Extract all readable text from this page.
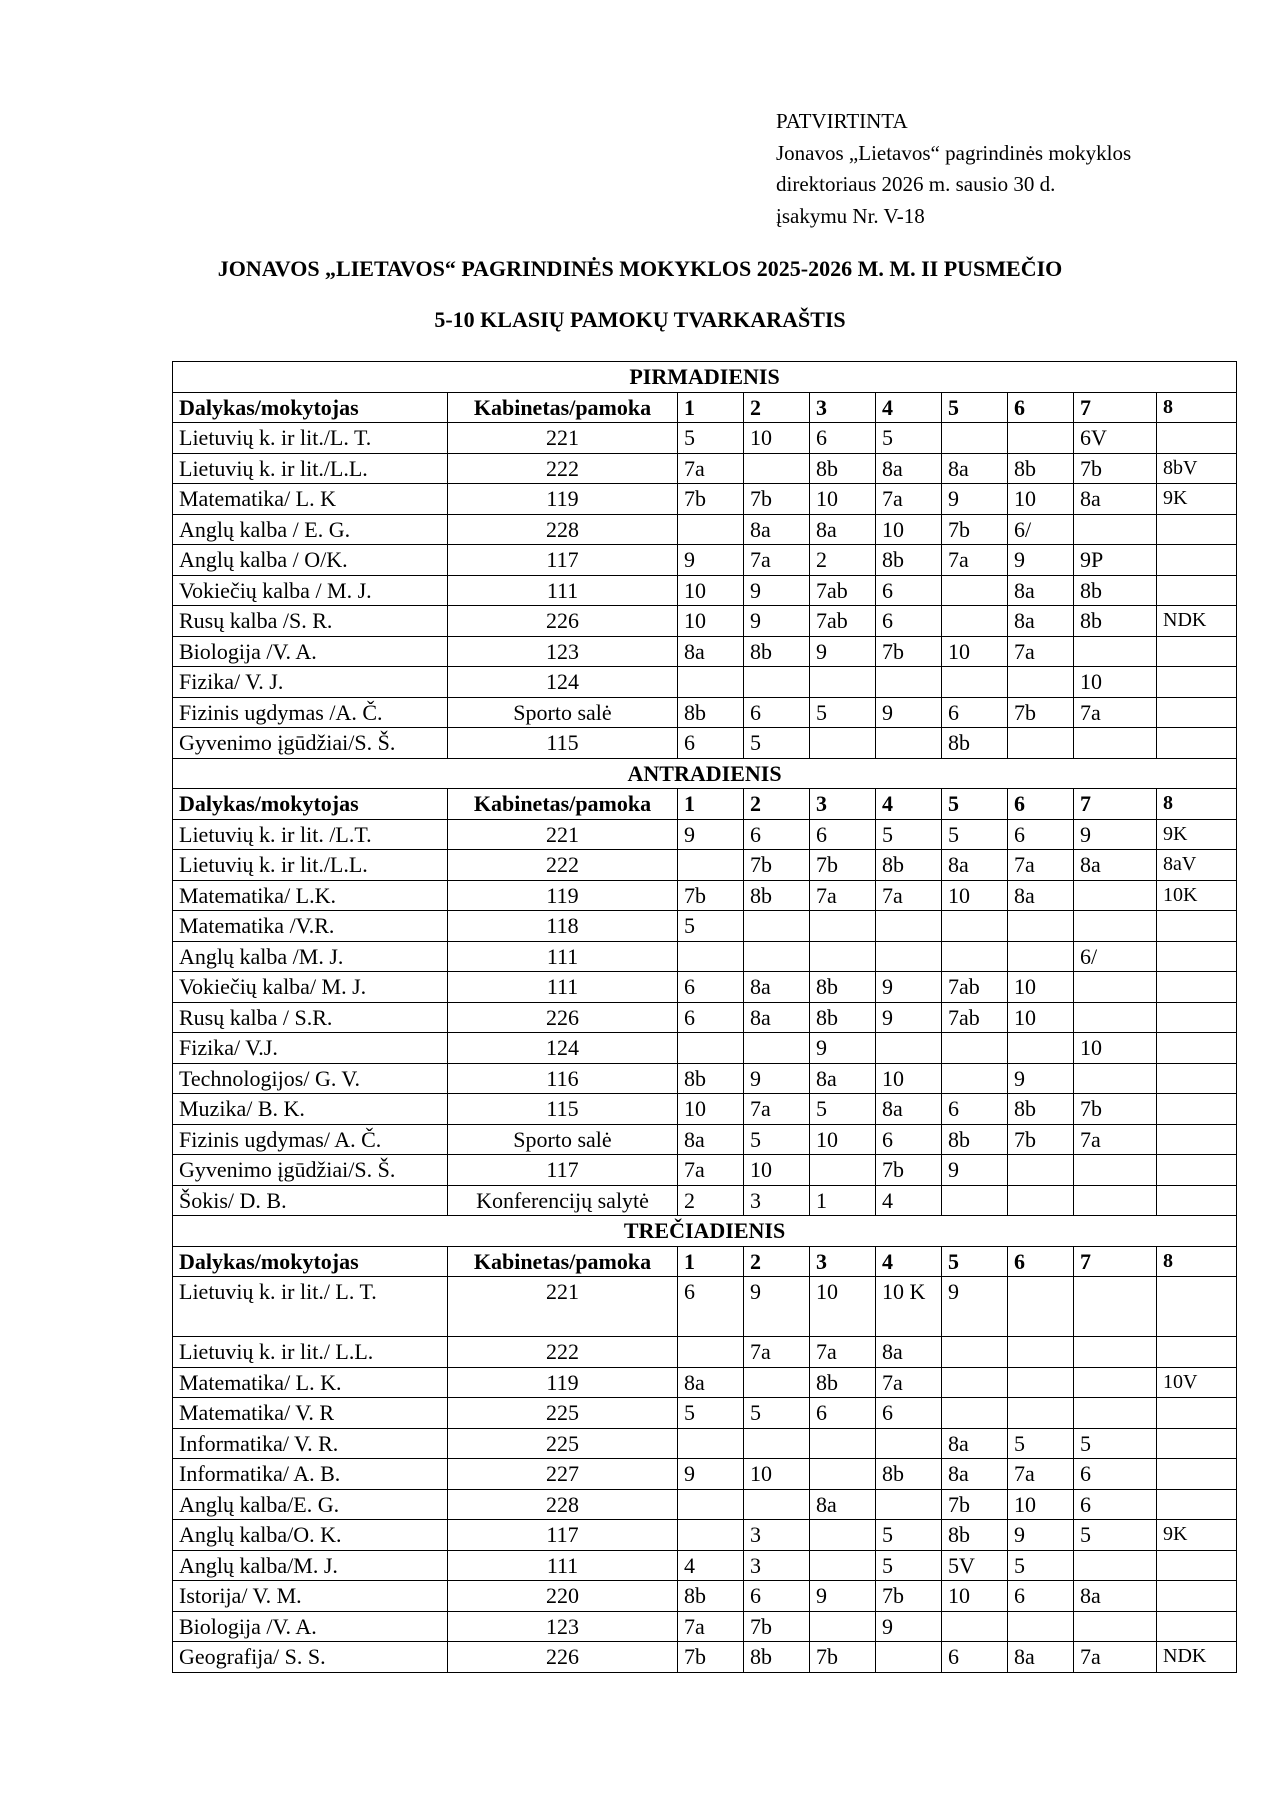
PATVIRTINTA
Jonavos „Lietavos“ pagrindinės mokyklos
direktoriaus 2026 m. sausio 30 d.
įsakymu Nr. V-18
JONAVOS „LIETAVOS“ PAGRINDINĖS MOKYKLOS 2025-2026 M. M. II PUSMEČIO
5-10 KLASIŲ PAMOKŲ TVARKARAŠTIS
PIRMADIENIS									
Dalykas/mokytojas	Kabinetas/pamoka	1	2	3	4	5	6	7	8
Lietuvių k. ir lit./L. T.	221	5	10	6	5			6V	
Lietuvių k. ir lit./L.L.	222	7a		8b	8a	8a	8b	7b	8bV
Matematika/ L. K	119	7b	7b	10	7a	9	10	8a	9K
Anglų kalba / E. G.	228		8a	8a	10	7b	6/		
Anglų kalba / O/K.	117	9	7a	2	8b	7a	9	9P	
Vokiečių kalba / M. J.	111	10	9	7ab	6		8a	8b	
Rusų kalba /S. R.	226	10	9	7ab	6		8a	8b	NDK
Biologija /V. A.	123	8a	8b	9	7b	10	7a		
Fizika/ V. J.	124							10	
Fizinis ugdymas /A. Č.	Sporto salė	8b	6	5	9	6	7b	7a	
Gyvenimo įgūdžiai/S. Š.	115	6	5			8b			
ANTRADIENIS									
Dalykas/mokytojas	Kabinetas/pamoka	1	2	3	4	5	6	7	8
Lietuvių k. ir lit. /L.T.	221	9	6	6	5	5	6	9	9K
Lietuvių k. ir lit./L.L.	222		7b	7b	8b	8a	7a	8a	8aV
Matematika/ L.K.	119	7b	8b	7a	7a	10	8a		10K
Matematika /V.R.	118	5							
Anglų kalba /M. J.	111							6/	
Vokiečių kalba/ M. J.	111	6	8a	8b	9	7ab	10		
Rusų kalba / S.R.	226	6	8a	8b	9	7ab	10		
Fizika/ V.J.	124			9				10	
Technologijos/ G. V.	116	8b	9	8a	10		9		
Muzika/ B. K.	115	10	7a	5	8a	6	8b	7b	
Fizinis ugdymas/ A. Č.	Sporto salė	8a	5	10	6	8b	7b	7a	
Gyvenimo įgūdžiai/S. Š.	117	7a	10		7b	9			
Šokis/ D. B.	Konferencijų salytė	2	3	1	4				
TREČIADIENIS									
Dalykas/mokytojas	Kabinetas/pamoka	1	2	3	4	5	6	7	8
Lietuvių k. ir lit./ L. T.	221	6	9	10	10 K	9			
Lietuvių k. ir lit./ L.L.	222		7a	7a	8a				
Matematika/ L. K.	119	8a		8b	7a				10V
Matematika/ V. R	225	5	5	6	6				
Informatika/ V. R.	225					8a	5	5	
Informatika/ A. B.	227	9	10		8b	8a	7a	6	
Anglų kalba/E. G.	228			8a		7b	10	6	
Anglų kalba/O. K.	117		3		5	8b	9	5	9K
Anglų kalba/M. J.	111	4	3		5	5V	5		
Istorija/ V. M.	220	8b	6	9	7b	10	6	8a	
Biologija /V. A.	123	7a	7b		9				
Geografija/ S. S.	226	7b	8b	7b		6	8a	7a	NDK
